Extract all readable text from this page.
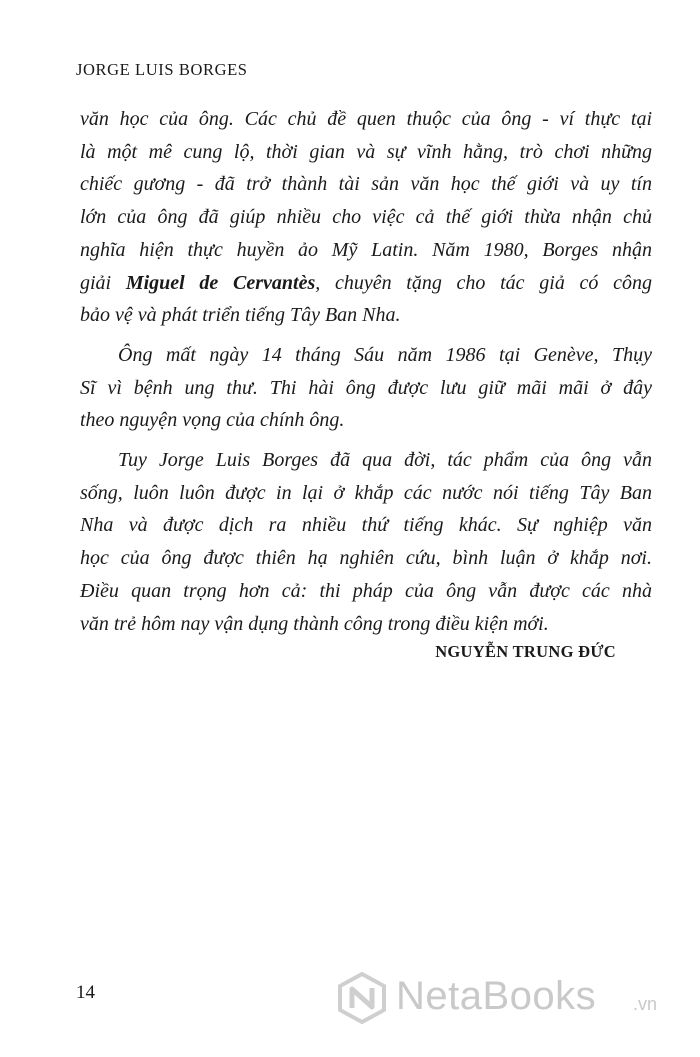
JORGE LUIS BORGES
văn học của ông. Các chủ đề quen thuộc của ông - ví thực tại
là một mê cung lộ, thời gian và sự vĩnh hằng, trò chơi những
chiếc gương - đã trở thành tài sản văn học thế giới và uy tín
lớn của ông đã giúp nhiều cho việc cả thế giới thừa nhận chủ
nghĩa hiện thực huyền ảo Mỹ Latin. Năm 1980, Borges nhận
giải Miguel de Cervantès, chuyên tặng cho tác giả có công
bảo vệ và phát triển tiếng Tây Ban Nha.
Ông mất ngày 14 tháng Sáu năm 1986 tại Genève, Thụy
Sĩ vì bệnh ung thư. Thi hài ông được lưu giữ mãi mãi ở đây
theo nguyện vọng của chính ông.
Tuy Jorge Luis Borges đã qua đời, tác phẩm của ông vẫn
sống, luôn luôn được in lại ở khắp các nước nói tiếng Tây Ban
Nha và được dịch ra nhiều thứ tiếng khác. Sự nghiệp văn
học của ông được thiên hạ nghiên cứu, bình luận ở khắp nơi.
Điều quan trọng hơn cả: thi pháp của ông vẫn được các nhà
văn trẻ hôm nay vận dụng thành công trong điều kiện mới.
NGUYỄN TRUNG ĐỨC
14	NetaBooks .vn
